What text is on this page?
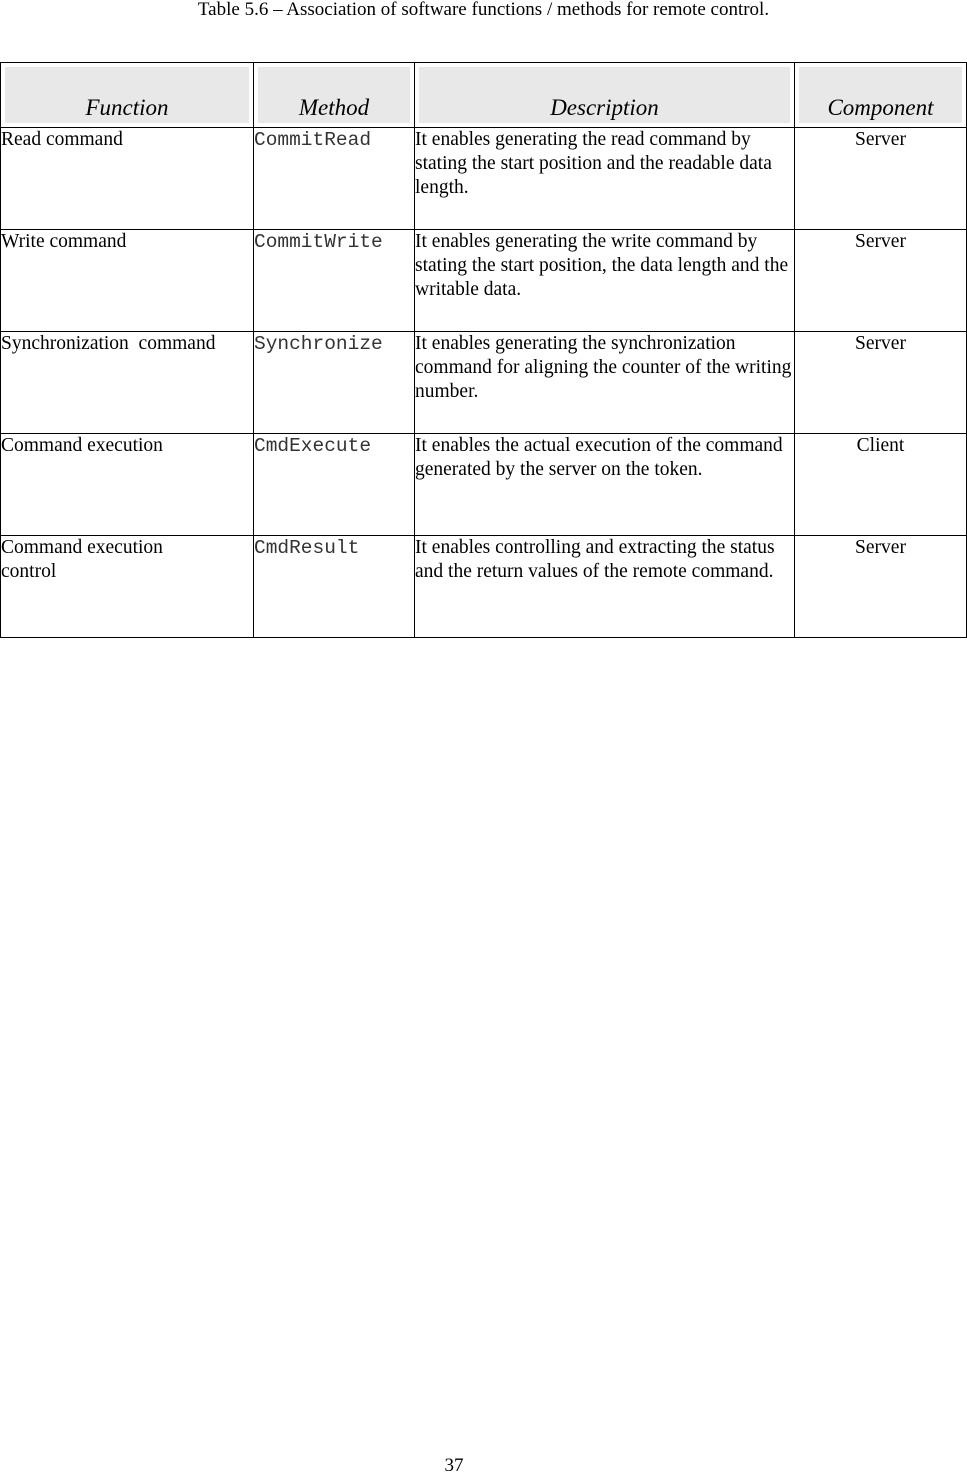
Table 5.6 – Association of software functions / methods for remote control.
Function	Method	Description	Component
Read command	CommitRead	It enables generating the read command by stating the start position and the readable data length.	Server
Write command	CommitWrite	It enables generating the write command by stating the start position, the data length and the writable data.	Server
Synchronization  command	Synchronize	It enables generating the synchronization command for aligning the counter of the writing number.	Server
Command execution	CmdExecute	It enables the actual execution of the command generated by the server on the token.	Client
Command execution control	CmdResult	It enables controlling and extracting the status and the return values of the remote command.	Server
37
